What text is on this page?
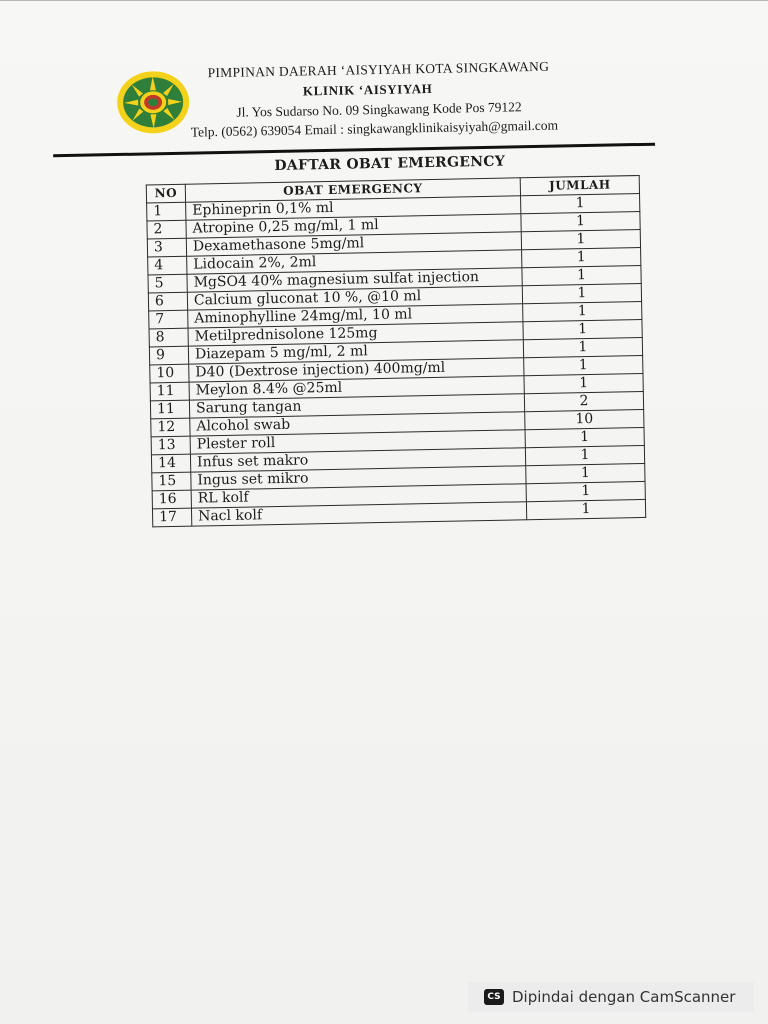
PIMPINAN DAERAH ‘AISYIYAH KOTA SINGKAWANG
KLINIK ‘AISYIYAH
Jl. Yos Sudarso No. 09 Singkawang Kode Pos 79122
Telp. (0562) 639054 Email : singkawangklinikaisyiyah@gmail.com
DAFTAR OBAT EMERGENCY
NO	OBAT EMERGENCY	JUMLAH
1	Ephineprin 0,1% ml	1
2	Atropine 0,25 mg/ml, 1 ml	1
3	Dexamethasone 5mg/ml	1
4	Lidocain 2%, 2ml	1
5	MgSO4 40% magnesium sulfat injection	1
6	Calcium gluconat 10 %, @10 ml	1
7	Aminophylline 24mg/ml, 10 ml	1
8	Metilprednisolone 125mg	1
9	Diazepam 5 mg/ml, 2 ml	1
10	D40 (Dextrose injection) 400mg/ml	1
11	Meylon 8.4% @25ml	1
11	Sarung tangan	2
12	Alcohol swab	10
13	Plester roll	1
14	Infus set makro	1
15	Ingus set mikro	1
16	RL kolf	1
17	Nacl kolf	1
CS Dipindai dengan CamScanner
